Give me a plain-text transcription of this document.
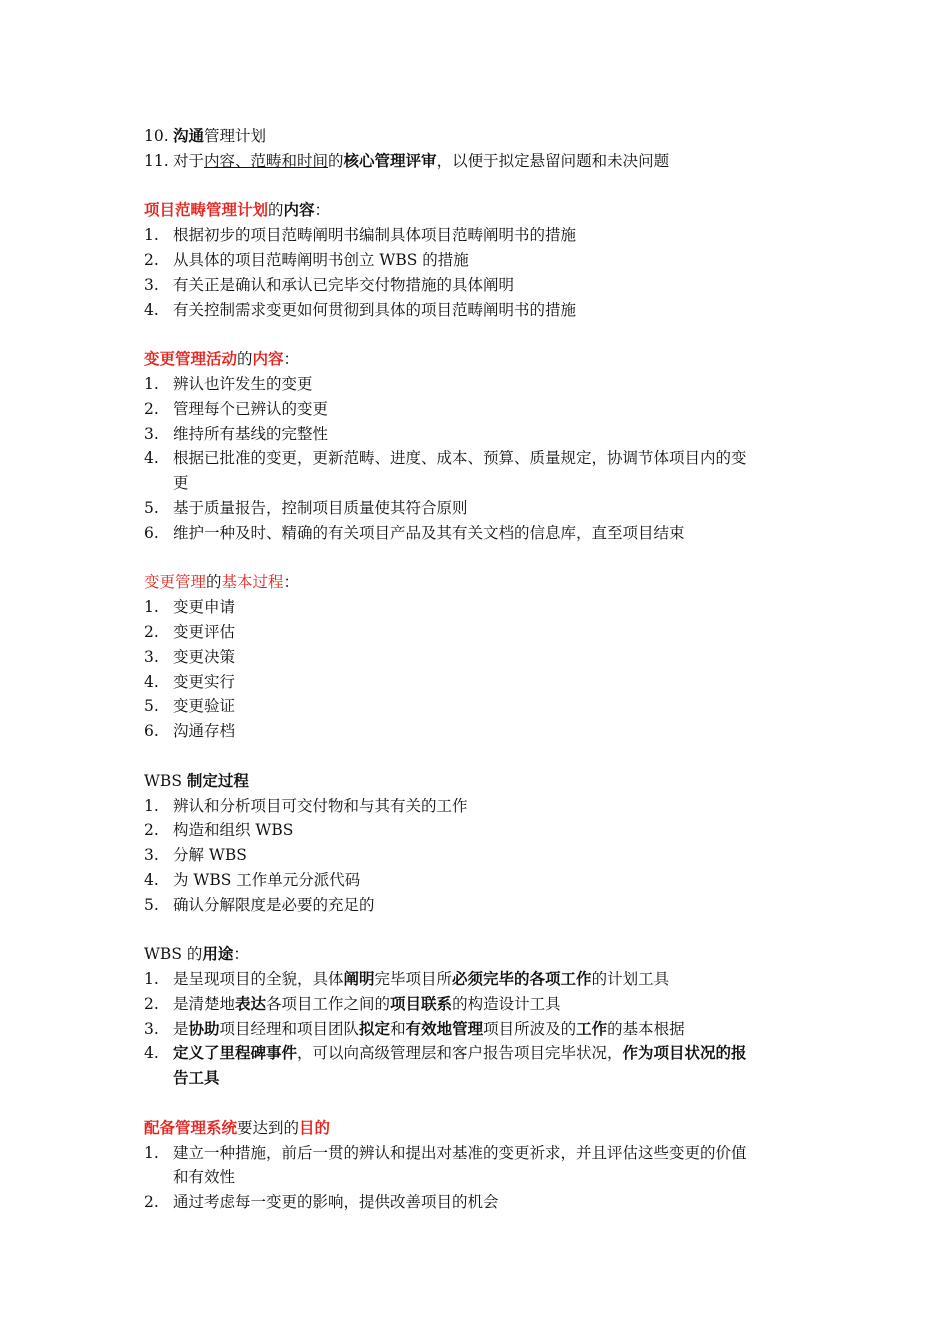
10. 沟通管理计划
11. 对于内容、范畴和时间的核心管理评审，以便于拟定悬留问题和未决问题
项目范畴管理计划的内容：
1. 根据初步的项目范畴阐明书编制具体项目范畴阐明书的措施
2. 从具体的项目范畴阐明书创立 WBS 的措施
3. 有关正是确认和承认已完毕交付物措施的具体阐明
4. 有关控制需求变更如何贯彻到具体的项目范畴阐明书的措施
变更管理活动的内容：
1. 辨认也许发生的变更
2. 管理每个已辨认的变更
3. 维持所有基线的完整性
4. 根据已批准的变更，更新范畴、进度、成本、预算、质量规定，协调节体项目内的变
更
5. 基于质量报告，控制项目质量使其符合原则
6. 维护一种及时、精确的有关项目产品及其有关文档的信息库，直至项目结束
变更管理的基本过程：
1. 变更申请
2. 变更评估
3. 变更决策
4. 变更实行
5. 变更验证
6. 沟通存档
WBS 制定过程
1. 辨认和分析项目可交付物和与其有关的工作
2. 构造和组织 WBS
3. 分解 WBS
4. 为 WBS 工作单元分派代码
5. 确认分解限度是必要的充足的
WBS 的用途：
1. 是呈现项目的全貌，具体阐明完毕项目所必须完毕的各项工作的计划工具
2. 是清楚地表达各项目工作之间的项目联系的构造设计工具
3. 是协助项目经理和项目团队拟定和有效地管理项目所波及的工作的基本根据
4. 定义了里程碑事件，可以向高级管理层和客户报告项目完毕状况，作为项目状况的报
告工具
配备管理系统要达到的目的
1. 建立一种措施，前后一贯的辨认和提出对基准的变更祈求，并且评估这些变更的价值
和有效性
2. 通过考虑每一变更的影响，提供改善项目的机会
